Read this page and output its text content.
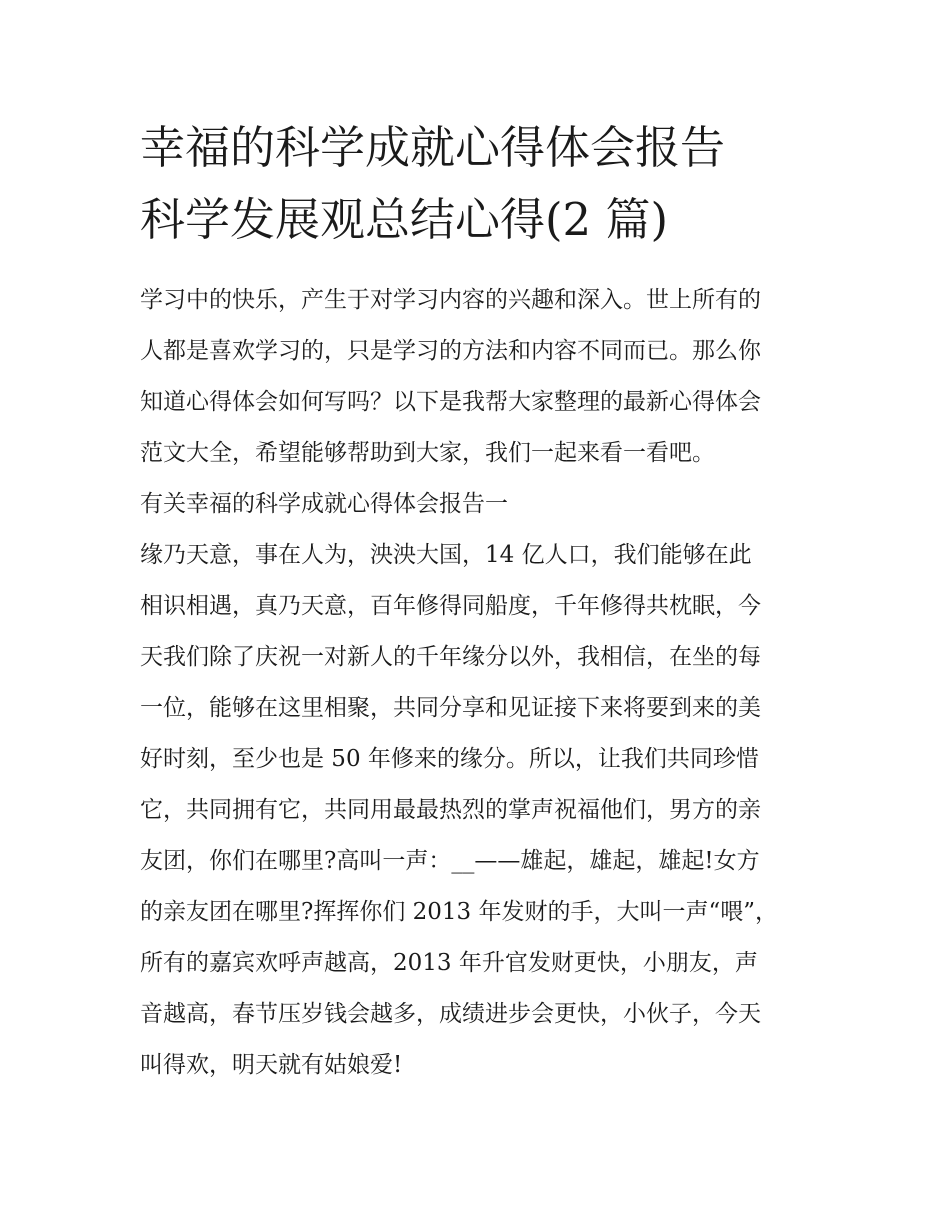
幸福的科学成就心得体会报告
科学发展观总结心得(2 篇)
学习中的快乐，产生于对学习内容的兴趣和深入。世上所有的
人都是喜欢学习的，只是学习的方法和内容不同而已。那么你
知道心得体会如何写吗？以下是我帮大家整理的最新心得体会
范文大全，希望能够帮助到大家，我们一起来看一看吧。
有关幸福的科学成就心得体会报告一
缘乃天意，事在人为，泱泱大国，14 亿人口，我们能够在此
相识相遇，真乃天意，百年修得同船度，千年修得共枕眠，今
天我们除了庆祝一对新人的千年缘分以外，我相信，在坐的每
一位，能够在这里相聚，共同分享和见证接下来将要到来的美
好时刻，至少也是 50 年修来的缘分。所以，让我们共同珍惜
它，共同拥有它，共同用最最热烈的掌声祝福他们，男方的亲
友团，你们在哪里?高叫一声：__——雄起，雄起，雄起!女方
的亲友团在哪里?挥挥你们 2013 年发财的手，大叫一声“喂”，
所有的嘉宾欢呼声越高，2013 年升官发财更快，小朋友，声
音越高，春节压岁钱会越多，成绩进步会更快，小伙子，今天
叫得欢，明天就有姑娘爱!
